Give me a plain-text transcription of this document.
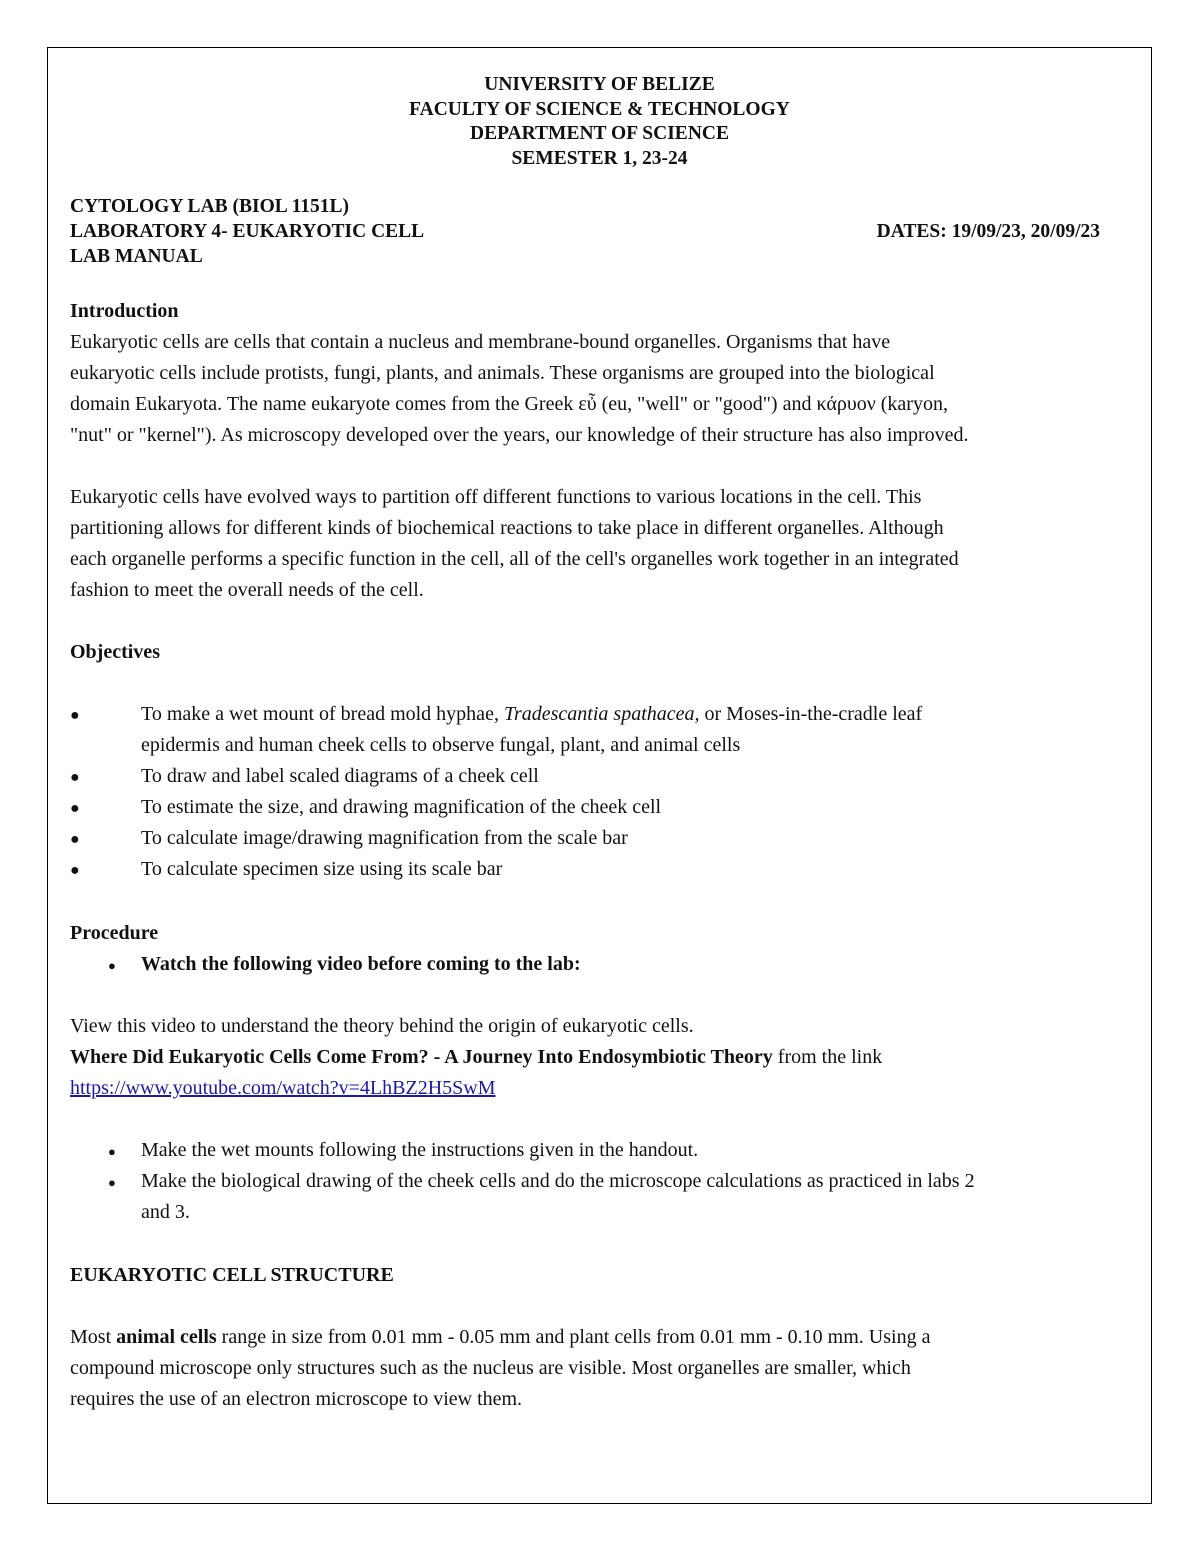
UNIVERSITY OF BELIZE
FACULTY OF SCIENCE & TECHNOLOGY
DEPARTMENT OF SCIENCE
SEMESTER 1, 23-24
CYTOLOGY LAB (BIOL 1151L)
LABORATORY 4- EUKARYOTIC CELL	DATES: 19/09/23, 20/09/23
LAB MANUAL
Introduction
Eukaryotic cells are cells that contain a nucleus and membrane-bound organelles. Organisms that have
eukaryotic cells include protists, fungi, plants, and animals. These organisms are grouped into the biological
domain Eukaryota. The name eukaryote comes from the Greek εὖ (eu, "well" or "good") and κάρυον (karyon,
"nut" or "kernel"). As microscopy developed over the years, our knowledge of their structure has also improved.
Eukaryotic cells have evolved ways to partition off different functions to various locations in the cell. This
partitioning allows for different kinds of biochemical reactions to take place in different organelles. Although
each organelle performs a specific function in the cell, all of the cell's organelles work together in an integrated
fashion to meet the overall needs of the cell.
Objectives
●	To make a wet mount of bread mold hyphae, Tradescantia spathacea, or Moses-in-the-cradle leaf
epidermis and human cheek cells to observe fungal, plant, and animal cells
●	To draw and label scaled diagrams of a cheek cell
●	To estimate the size, and drawing magnification of the cheek cell
●	To calculate image/drawing magnification from the scale bar
●	To calculate specimen size using its scale bar
Procedure
● Watch the following video before coming to the lab:
View this video to understand the theory behind the origin of eukaryotic cells.
Where Did Eukaryotic Cells Come From? - A Journey Into Endosymbiotic Theory from the link
https://www.youtube.com/watch?v=4LhBZ2H5SwM
● Make the wet mounts following the instructions given in the handout.
● Make the biological drawing of the cheek cells and do the microscope calculations as practiced in labs 2
and 3.
EUKARYOTIC CELL STRUCTURE
Most animal cells range in size from 0.01 mm - 0.05 mm and plant cells from 0.01 mm - 0.10 mm. Using a
compound microscope only structures such as the nucleus are visible. Most organelles are smaller, which
requires the use of an electron microscope to view them.
